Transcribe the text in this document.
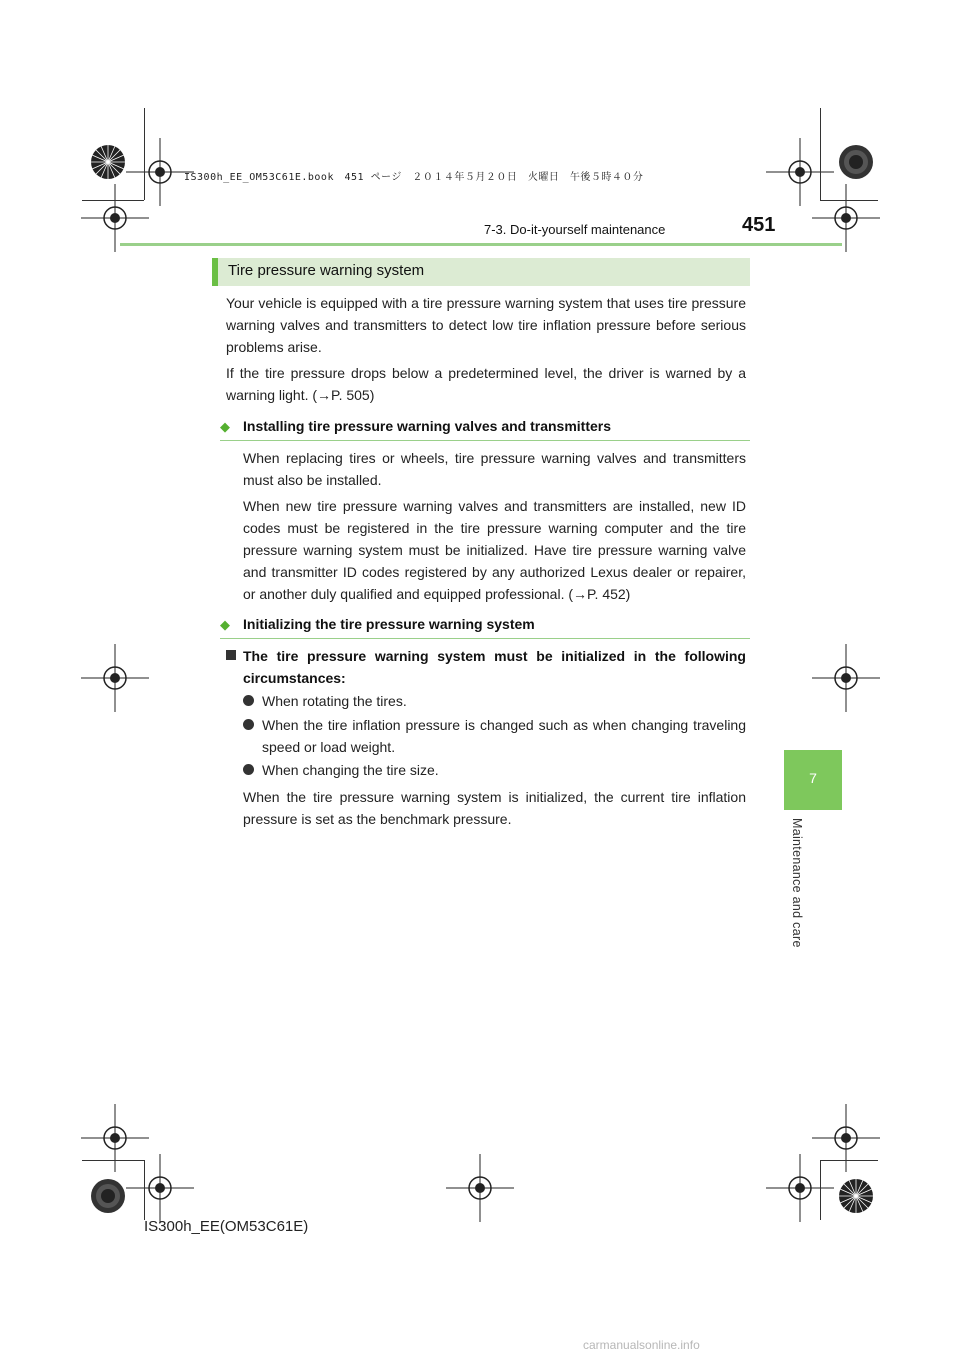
IS300h_EE_OM53C61E.book　451 ページ　２０１４年５月２０日　火曜日　午後５時４０分
7-3. Do-it-yourself maintenance	451
7
Maintenance and care
Tire pressure warning system
Your vehicle is equipped with a tire pressure warning system that uses tire pressure warning valves and transmitters to detect low tire inflation pressure before serious problems arise.
If the tire pressure drops below a predetermined level, the driver is warned by a warning light. (→P. 505)
◆ Installing tire pressure warning valves and transmitters
When replacing tires or wheels, tire pressure warning valves and transmitters must also be installed.
When new tire pressure warning valves and transmitters are installed, new ID codes must be registered in the tire pressure warning computer and the tire pressure warning system must be initialized. Have tire pressure warning valve and transmitter ID codes registered by any authorized Lexus dealer or repairer, or another duly qualified and equipped professional. (→P. 452)
◆ Initializing the tire pressure warning system
The tire pressure warning system must be initialized in the following circumstances:
When rotating the tires.
When the tire inflation pressure is changed such as when changing traveling speed or load weight.
When changing the tire size.
When the tire pressure warning system is initialized, the current tire inflation pressure is set as the benchmark pressure.
IS300h_EE(OM53C61E)
carmanualsonline.info
